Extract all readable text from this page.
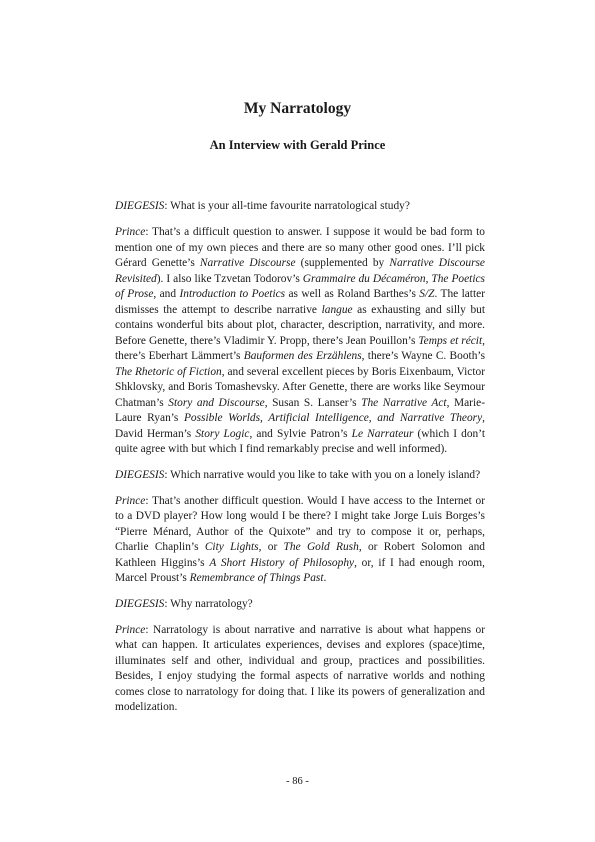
My Narratology
An Interview with Gerald Prince

DIEGESIS: What is your all-time favourite narratological study?

Prince: That’s a difficult question to answer. I suppose it would be bad form to mention one of my own pieces and there are so many other good ones. I’ll pick Gérard Genette’s Narrative Discourse (supplemented by Narrative Discourse Revisited). I also like Tzvetan Todorov’s Grammaire du Décaméron, The Poetics of Prose, and Introduction to Poetics as well as Roland Barthes’s S/Z. The latter dismisses the attempt to describe narrative langue as exhausting and silly but contains wonderful bits about plot, character, description, narrativity, and more. Before Genette, there’s Vladimir Y. Propp, there’s Jean Pouillon’s Temps et récit, there’s Eberhart Lämmert’s Bauformen des Erzählens, there’s Wayne C. Booth’s The Rhetoric of Fiction, and several excellent pieces by Boris Eixenbaum, Victor Shklovsky, and Boris Tomashevsky. After Genette, there are works like Seymour Chatman’s Story and Discourse, Susan S. Lanser’s The Narrative Act, Marie-Laure Ryan’s Possible Worlds, Artificial Intelligence, and Narrative Theory, David Herman’s Story Logic, and Sylvie Patron’s Le Narrateur (which I don’t quite agree with but which I find remarkably precise and well informed).

DIEGESIS: Which narrative would you like to take with you on a lonely island?

Prince: That’s another difficult question. Would I have access to the Internet or to a DVD player? How long would I be there? I might take Jorge Luis Borges’s “Pierre Ménard, Author of the Quixote” and try to compose it or, perhaps, Charlie Chaplin’s City Lights, or The Gold Rush, or Robert Solomon and Kathleen Higgins’s A Short History of Philosophy, or, if I had enough room, Marcel Proust’s Remembrance of Things Past.

DIEGESIS: Why narratology?

Prince: Narratology is about narrative and narrative is about what happens or what can happen. It articulates experiences, devises and explores (space)time, illuminates self and other, individual and group, practices and possibilities. Besides, I enjoy studying the formal aspects of narrative worlds and nothing comes close to narratology for doing that. I like its powers of generalization and modelization.

- 86 -
